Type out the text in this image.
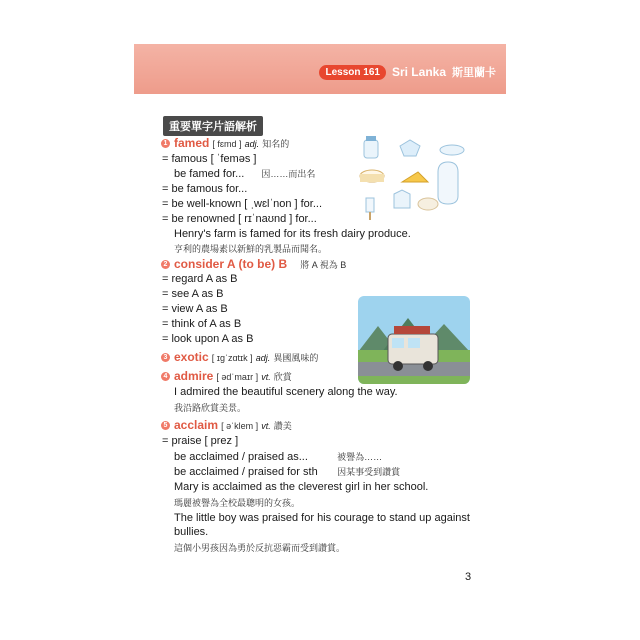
Lesson 161	Sri Lanka 斯里蘭卡
重要單字片語解析
1 famed [ fɛmd ] adj. 知名的
= famous [ ˈfeməs ]
be famed for... 因……而出名
= be famous for...
= be well-known [ ˌwɛlˈnon ] for...
= be renowned [ rɪˈnaʊnd ] for...
Henry's farm is famed for its fresh dairy produce.
亨利的農場素以新鮮的乳製品而聞名。
2 consider A (to be) B 將 A 視為 B
= regard A as B
= see A as B
= view A as B
= think of A as B
= look upon A as B
3 exotic [ ɪgˈzɑtɪk ] adj. 異國風味的
4 admire [ ədˈmaɪr ] vt. 欣賞
I admired the beautiful scenery along the way.
我沿路欣賞美景。
5 acclaim [ əˈklem ] vt. 讚美
= praise [ prez ]
be acclaimed / praised as...	被譽為……
be acclaimed / praised for sth 因某事受到讚賞
Mary is acclaimed as the cleverest girl in her school.
瑪麗被譽為全校最聰明的女孩。
The little boy was praised for his courage to stand up against
bullies.
這個小男孩因為勇於反抗惡霸而受到讚賞。
3
